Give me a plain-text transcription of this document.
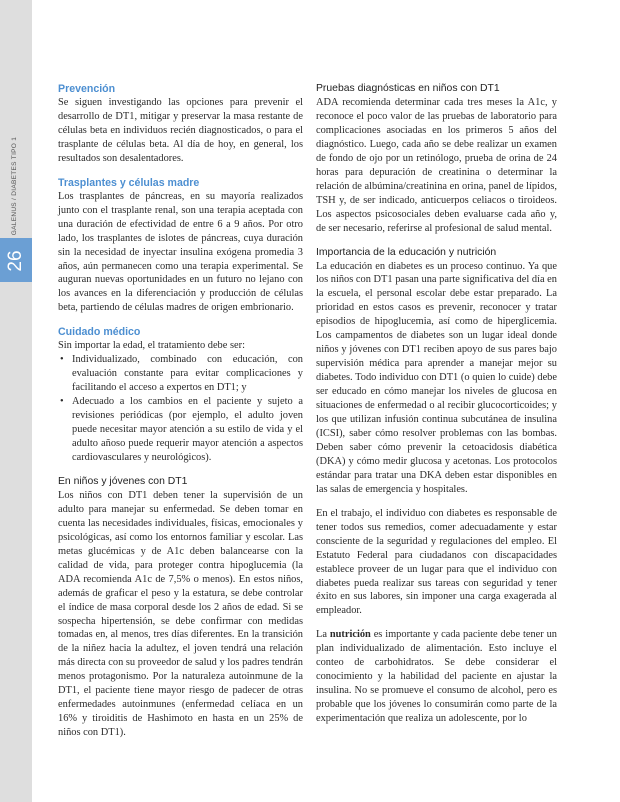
GALENUS / DIABETES TIPO 1
26
Prevención

Se siguen investigando las opciones para prevenir el desarrollo de DT1, mitigar y preservar la masa restante de células beta en individuos recién diagnosticados, o para el trasplante de células beta. Al día de hoy, en general, los resultados son desalentadores.

Trasplantes y células madre

Los trasplantes de páncreas, en su mayoría realizados junto con el trasplante renal, son una terapia aceptada con una duración de efectividad de entre 6 a 9 años. Por otro lado, los trasplantes de islotes de páncreas, cuya duración sin la necesidad de inyectar insulina exógena promedia 3 años, aún permanecen como una terapia experimental. Se auguran nuevas oportunidades en un futuro no lejano con los avances en la diferenciación y producción de células beta, partiendo de células madres de origen embrionario.

Cuidado médico

Sin importar la edad, el tratamiento debe ser:

• Individualizado, combinado con educación, con evaluación constante para evitar complicaciones y facilitando el acceso a expertos en DT1; y
• Adecuado a los cambios en el paciente y sujeto a revisiones periódicas (por ejemplo, el adulto joven puede necesitar mayor atención a su estilo de vida y el adulto añoso puede requerir mayor atención a aspectos cardiovasculares y neurológicos).
En niños y jóvenes con DT1

Los niños con DT1 deben tener la supervisión de un adulto para manejar su enfermedad. Se deben tomar en cuenta las necesidades individuales, físicas, emocionales y psicológicas, así como los entornos familiar y escolar. Las metas glucémicas y de A1c deben balancearse con la calidad de vida, para proteger contra hipoglucemia (la ADA recomienda A1c de 7,5% o menos). En estos niños, además de graficar el peso y la estatura, se debe controlar el índice de masa corporal desde los 2 años de edad. Si se sospecha hipertensión, se debe confirmar con medidas tomadas en, al menos, tres días diferentes. En la transición de la niñez hacia la adultez, el joven tendrá una relación más directa con su proveedor de salud y los padres tendrán menos protagonismo. Por la naturaleza autoinmune de la DT1, el paciente tiene mayor riesgo de padecer de otras enfermedades autoinmunes (enfermedad celíaca en un 16% y tiroiditis de Hashimoto en hasta en un 25% de niños con DT1).

Pruebas diagnósticas en niños con DT1

ADA recomienda determinar cada tres meses la A1c, y reconoce el poco valor de las pruebas de laboratorio para complicaciones asociadas en los primeros 5 años del diagnóstico. Luego, cada año se debe realizar un examen de fondo de ojo por un retinólogo, prueba de orina de 24 horas para depuración de creatinina o determinar la relación de albúmina/creatinina en orina, panel de lípidos, TSH y, de ser indicado, anticuerpos celiacos o tiroideos. Los aspectos psicosociales deben evaluarse cada año y, de ser necesario, referirse al profesional de salud mental.

Importancia de la educación y nutrición

La educación en diabetes es un proceso continuo. Ya que los niños con DT1 pasan una parte significativa del día en la escuela, el personal escolar debe estar preparado. La prioridad en estos casos es prevenir, reconocer y tratar episodios de hipoglucemia, así como de hiperglicemia. Los campamentos de diabetes son un lugar ideal donde niños y jóvenes con DT1 reciben apoyo de sus pares bajo supervisión médica para aprender a manejar mejor su diabetes. Todo individuo con DT1 (o quien lo cuide) debe ser educado en cómo manejar los niveles de glucosa en situaciones de enfermedad o al recibir glucocorticoides; y los que utilizan infusión continua subcutánea de insulina (ICSI), saber cómo resolver problemas con las bombas. Deben saber cómo prevenir la cetoacidosis diabética (DKA) y cómo medir glucosa y acetonas. Los protocolos estándar para tratar una DKA deben estar disponibles en las salas de emergencia y hospitales.

En el trabajo, el individuo con diabetes es responsable de tener todos sus remedios, comer adecuadamente y estar consciente de la seguridad y regulaciones del empleo. El Estatuto Federal para ciudadanos con discapacidades establece proveer de un lugar para que el individuo con diabetes pueda realizar sus tareas con seguridad y tener éxito en sus labores, sin imponer una carga exagerada al empleador.

La nutrición es importante y cada paciente debe tener un plan individualizado de alimentación. Esto incluye el conteo de carbohidratos. Se debe considerar el conocimiento y la habilidad del paciente en ajustar la insulina. No se promueve el consumo de alcohol, pero es probable que los jóvenes lo consumirán como parte de la experimentación que realiza un adolescente, por lo
